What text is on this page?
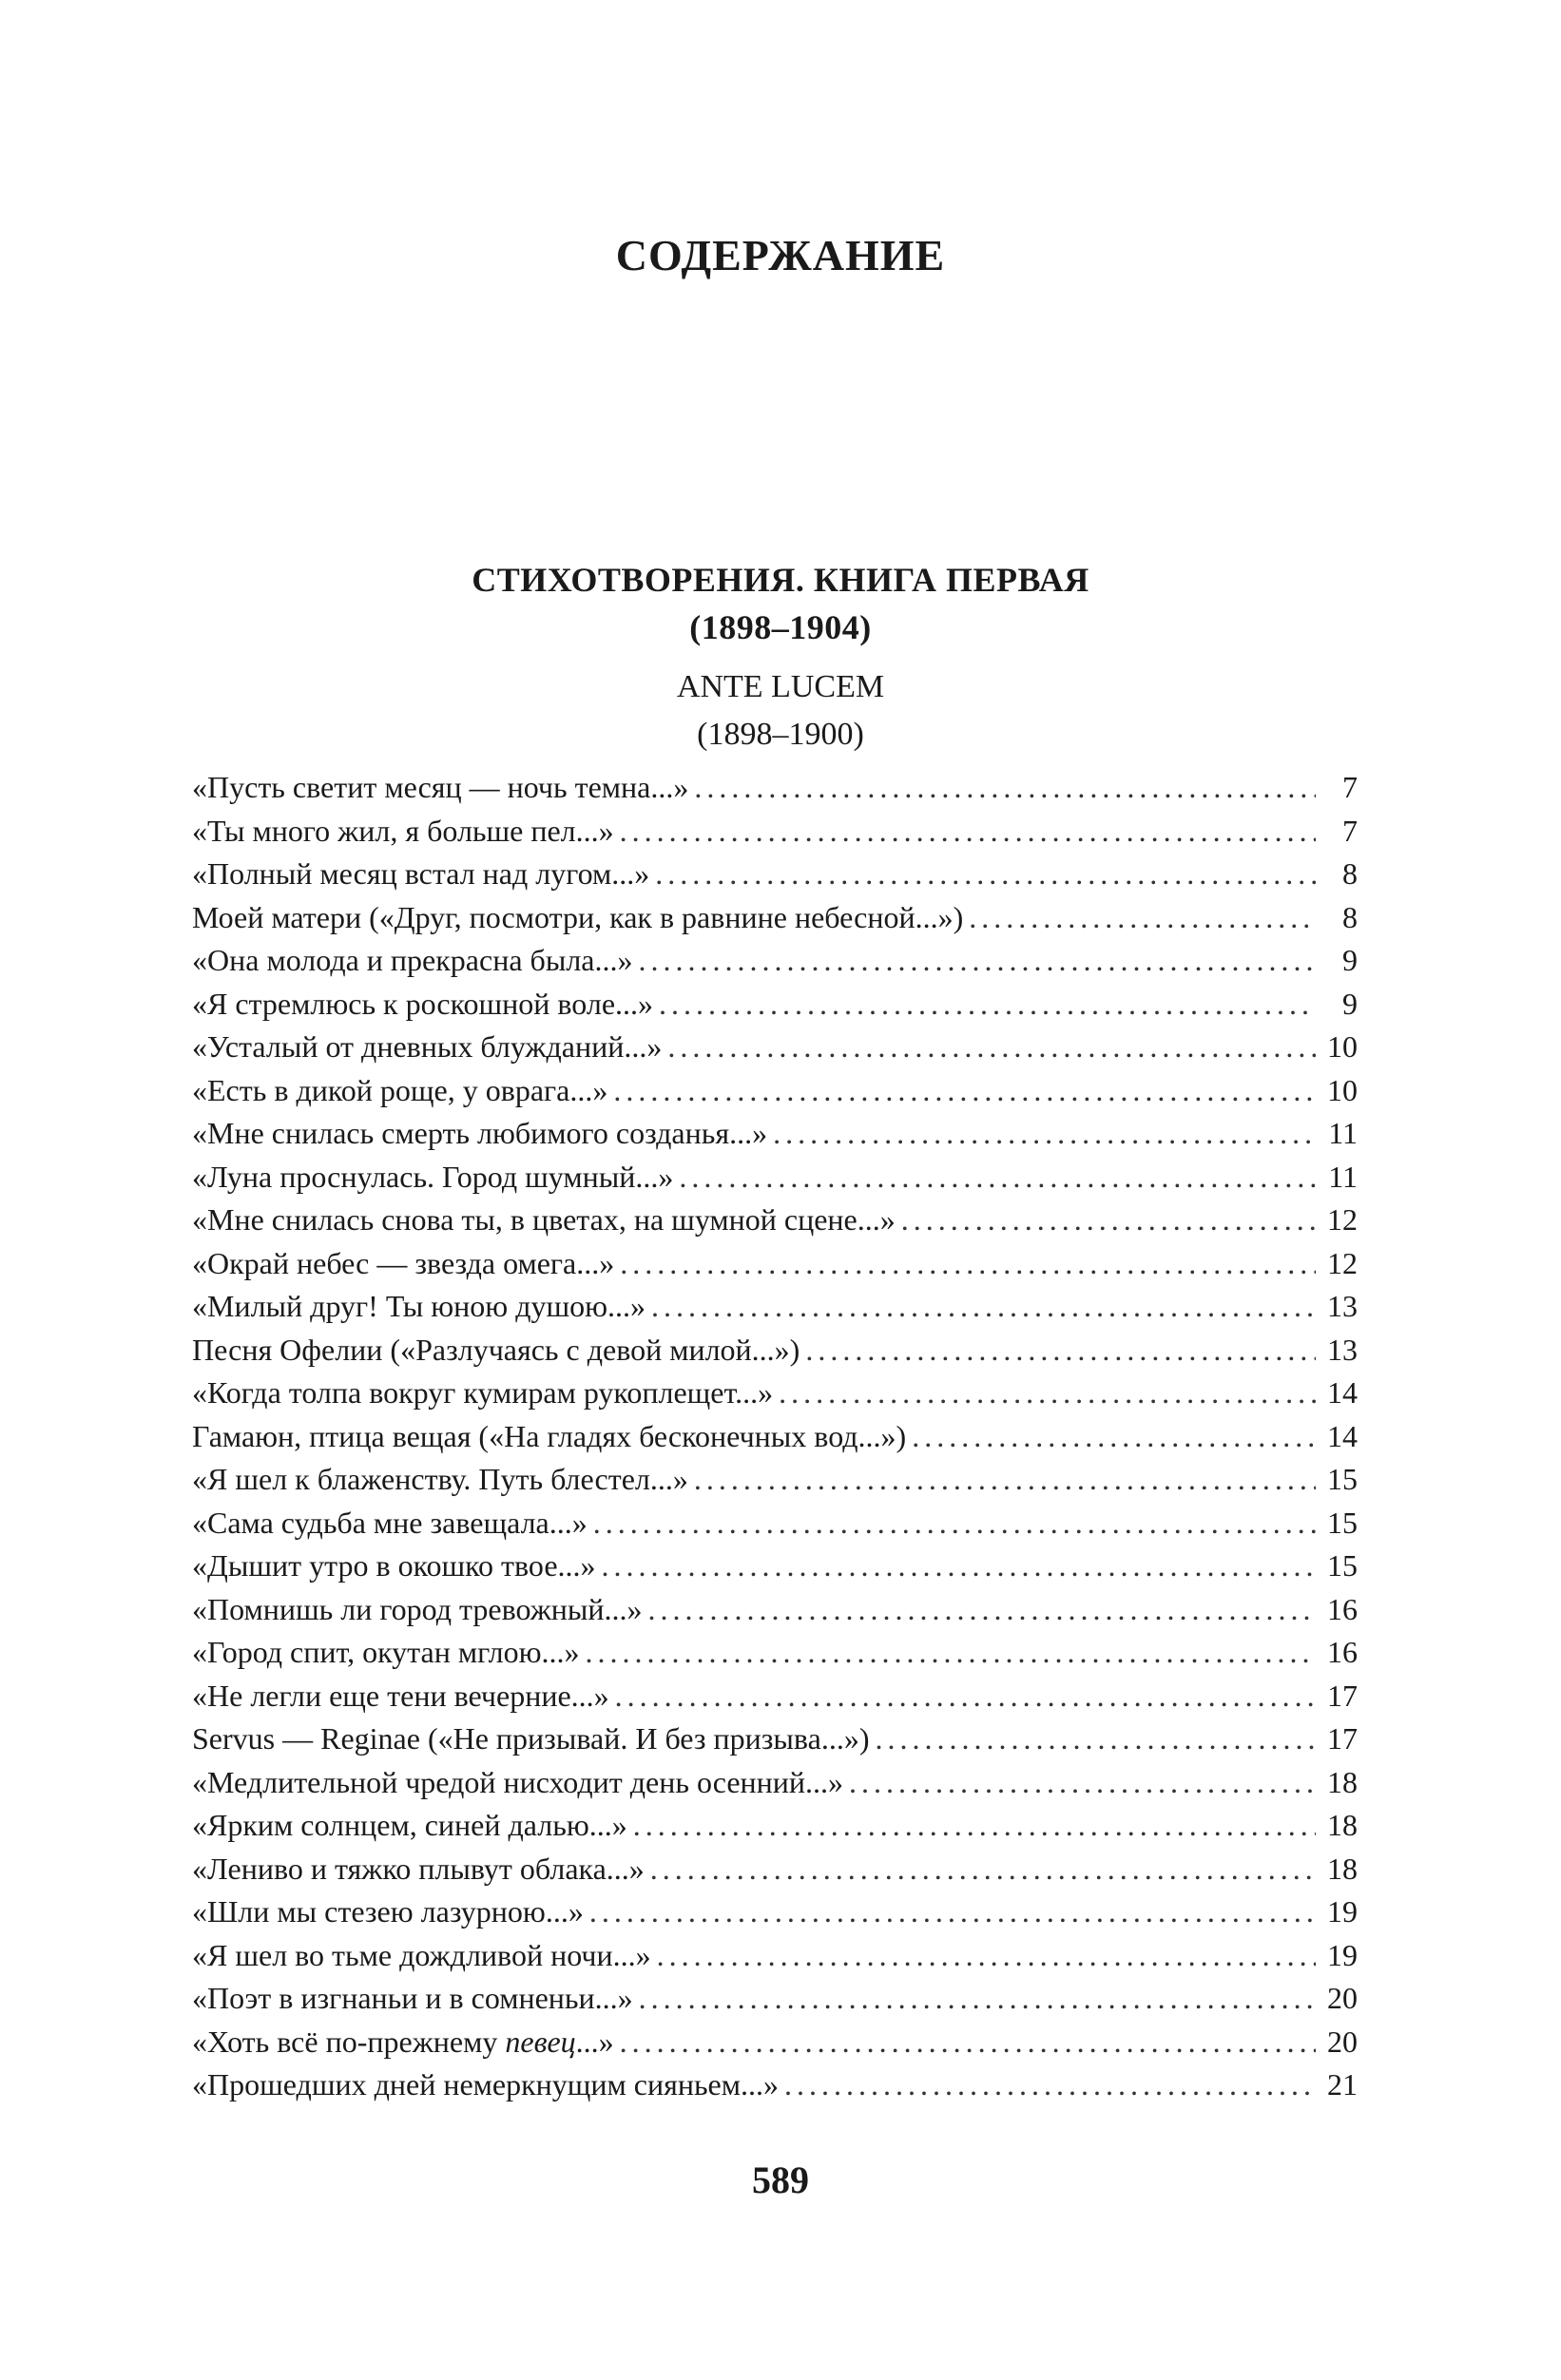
СОДЕРЖАНИЕ
СТИХОТВОРЕНИЯ. КНИГА ПЕРВАЯ
(1898–1904)
ANTE LUCEM
(1898–1900)
«Пусть светит месяц — ночь темна...» .....	7
«Ты много жил, я больше пел...» .....	7
«Полный месяц встал над лугом...» .....	8
Моей матери («Друг, посмотри, как в равнине небесной...») .....	8
«Она молода и прекрасна была...» .....	9
«Я стремлюсь к роскошной воле...» .....	9
«Усталый от дневных блужданий...» .....	10
«Есть в дикой роще, у оврага...» .....	10
«Мне снилась смерть любимого созданья...» .....	11
«Луна проснулась. Город шумный...» .....	11
«Мне снилась снова ты, в цветах, на шумной сцене...» .....	12
«Окрай небес — звезда омега...» .....	12
«Милый друг! Ты юною душою...» .....	13
Песня Офелии («Разлучаясь с девой милой...») .....	13
«Когда толпа вокруг кумирам рукоплещет...» .....	14
Гамаюн, птица вещая («На гладях бесконечных вод...») .....	14
«Я шел к блаженству. Путь блестел...» .....	15
«Сама судьба мне завещала...» .....	15
«Дышит утро в окошко твое...» .....	15
«Помнишь ли город тревожный...» .....	16
«Город спит, окутан мглою...» .....	16
«Не легли еще тени вечерние...» .....	17
Servus — Reginae («Не призывай. И без призыва...») .....	17
«Медлительной чредой нисходит день осенний...» .....	18
«Ярким солнцем, синей далью...» .....	18
«Лениво и тяжко плывут облака...» .....	18
«Шли мы стезею лазурною...» .....	19
«Я шел во тьме дождливой ночи...» .....	19
«Поэт в изгнаньи и в сомненьи...» .....	20
«Хоть всё по-прежнему певец...» .....	20
«Прошедших дней немеркнущим сияньем...» .....	21
589
